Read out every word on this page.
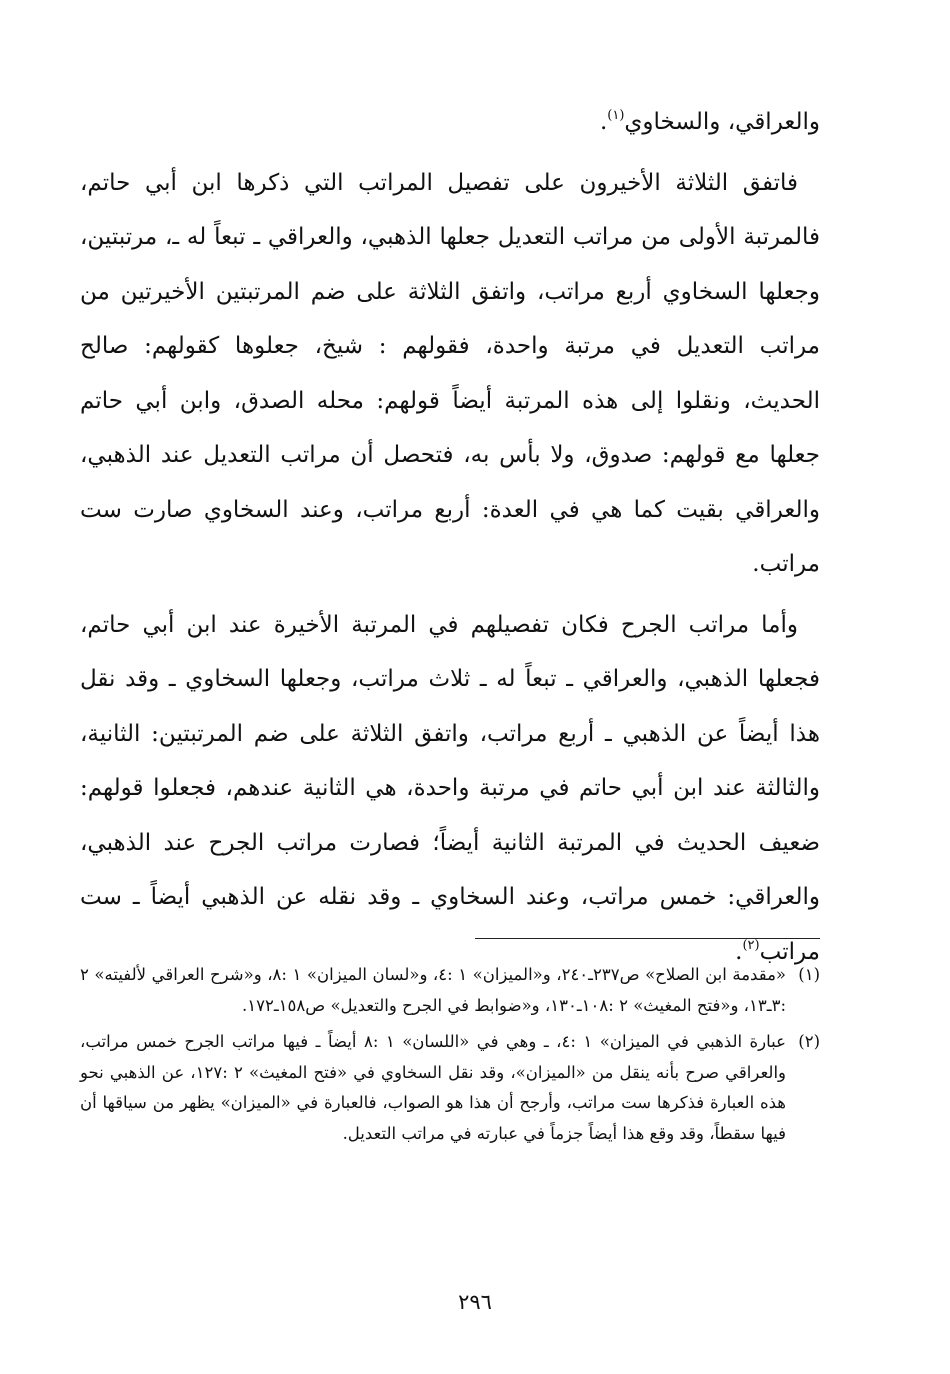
والعراقي، والسخاوي$^{(١)}$.

فاتفق الثلاثة الأخيرون على تفصيل المراتب التي ذكرها ابن أبي حاتم، فالمرتبة الأولى من مراتب التعديل جعلها الذهبي، والعراقي ـ تبعاً له ـ، مرتبتين، وجعلها السخاوي أربع مراتب، واتفق الثلاثة على ضم المرتبتين الأخيرتين من مراتب التعديل في مرتبة واحدة، فقولهم : شيخ، جعلوها كقولهم: صالح الحديث، ونقلوا إلى هذه المرتبة أيضاً قولهم: محله الصدق، وابن أبي حاتم جعلها مع قولهم: صدوق، ولا بأس به، فتحصل أن مراتب التعديل عند الذهبي، والعراقي بقيت كما هي في العدة: أربع مراتب، وعند السخاوي صارت ست مراتب.

وأما مراتب الجرح فكان تفصيلهم في المرتبة الأخيرة عند ابن أبي حاتم، فجعلها الذهبي، والعراقي ـ تبعاً له ـ ثلاث مراتب، وجعلها السخاوي ـ وقد نقل هذا أيضاً عن الذهبي ـ أربع مراتب، واتفق الثلاثة على ضم المرتبتين: الثانية، والثالثة عند ابن أبي حاتم في مرتبة واحدة، هي الثانية عندهم، فجعلوا قولهم: ضعيف الحديث في المرتبة الثانية أيضاً؛ فصارت مراتب الجرح عند الذهبي، والعراقي: خمس مراتب، وعند السخاوي ـ وقد نقله عن الذهبي أيضاً ـ ست مراتب$^{(٢)}$.

(١)
«مقدمة ابن الصلاح» ص٢٣٧ـ٢٤٠، و«الميزان» ١ :٤، و«لسان الميزان» ١ :٨، و«شرح العراقي لألفيته» ٢ :٣ـ١٣، و«فتح المغيث» ٢ :١٠٨ـ١٣٠، و«ضوابط في الجرح والتعديل» ص١٥٨ـ١٧٢.
(٢)
عبارة الذهبي في الميزان» ١ :٤، ـ وهي في «اللسان» ١ :٨ أيضاً ـ فيها مراتب الجرح خمس مراتب، والعراقي صرح بأنه ينقل من «الميزان»، وقد نقل السخاوي في «فتح المغيث» ٢ :١٢٧، عن الذهبي نحو هذه العبارة فذكرها ست مراتب، وأرجح أن هذا هو الصواب، فالعبارة في «الميزان» يظهر من سياقها أن فيها سقطاً، وقد وقع هذا أيضاً جزماً في عبارته في مراتب التعديل.
٢٩٦
